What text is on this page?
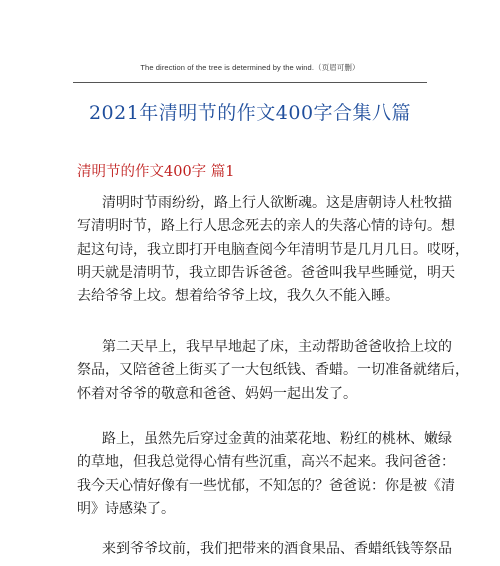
The direction of the tree is determined by the wind.（页眉可删）
2021年清明节的作文400字合集八篇
清明节的作文400字 篇1
清明时节雨纷纷，路上行人欲断魂。这是唐朝诗人杜牧描
写清明时节，路上行人思念死去的亲人的失落心情的诗句。想
起这句诗，我立即打开电脑查阅今年清明节是几月几日。哎呀，
明天就是清明节，我立即告诉爸爸。爸爸叫我早些睡觉，明天
去给爷爷上坟。想着给爷爷上坟，我久久不能入睡。
第二天早上，我早早地起了床，主动帮助爸爸收拾上坟的
祭品，又陪爸爸上街买了一大包纸钱、香蜡。一切准备就绪后，
怀着对爷爷的敬意和爸爸、妈妈一起出发了。
路上，虽然先后穿过金黄的油菜花地、粉红的桃林、嫩绿
的草地，但我总觉得心情有些沉重，高兴不起来。我问爸爸：
我今天心情好像有一些忧郁，不知怎的？爸爸说：你是被《清
明》诗感染了。
来到爷爷坟前，我们把带来的酒食果品、香蜡纸钱等祭品
